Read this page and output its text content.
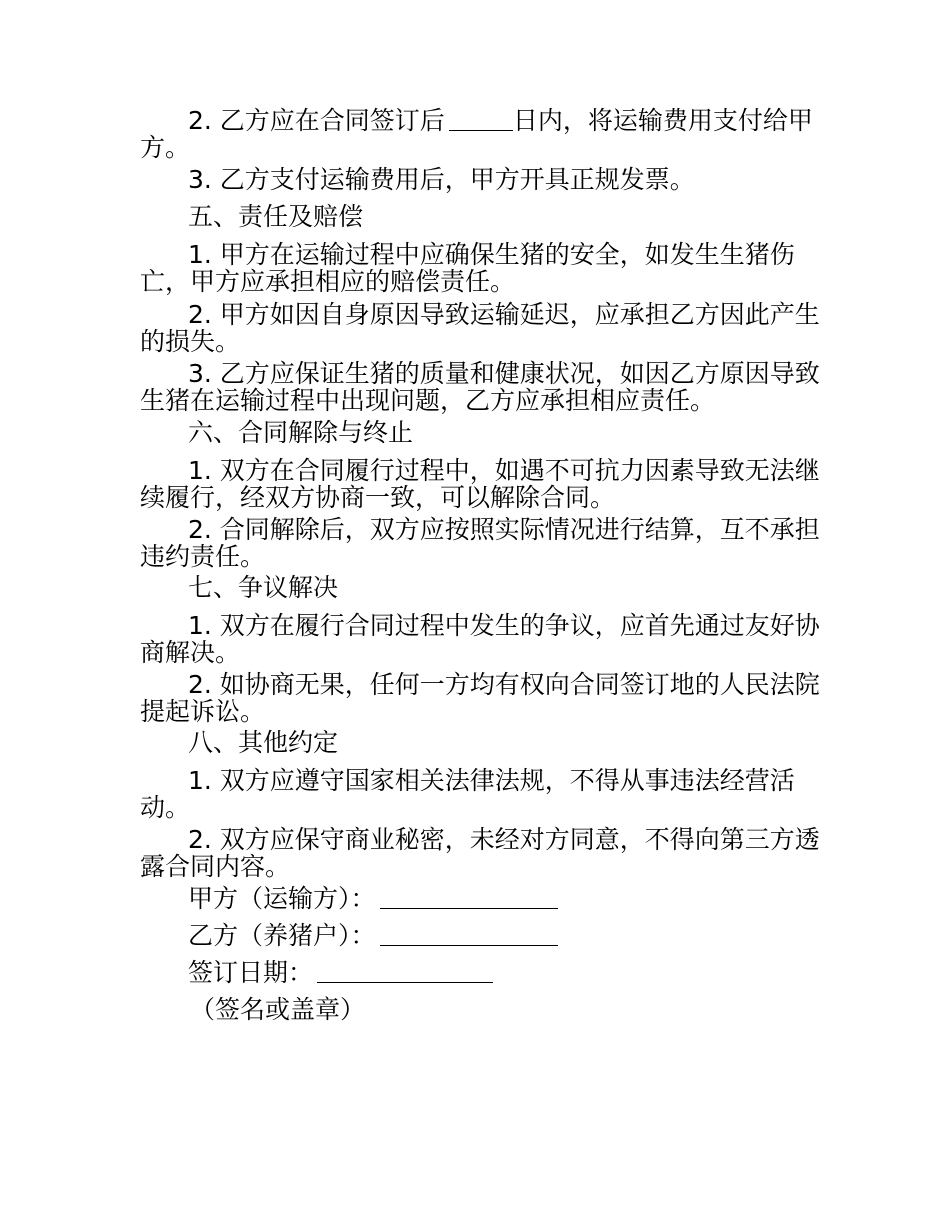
2. 乙方应在合同签订后	日内，将运输费用支付给甲方。

3. 乙方支付运输费用后，甲方开具正规发票。

五、责任及赔偿

1. 甲方在运输过程中应确保生猪的安全，如发生生猪伤亡，甲方应承担相应的赔偿责任。

2. 甲方如因自身原因导致运输延迟，应承担乙方因此产生的损失。

3. 乙方应保证生猪的质量和健康状况，如因乙方原因导致生猪在运输过程中出现问题，乙方应承担相应责任。

六、合同解除与终止

1. 双方在合同履行过程中，如遇不可抗力因素导致无法继续履行，经双方协商一致，可以解除合同。

2. 合同解除后，双方应按照实际情况进行结算，互不承担违约责任。

七、争议解决

1. 双方在履行合同过程中发生的争议，应首先通过友好协商解决。

2. 如协商无果，任何一方均有权向合同签订地的人民法院提起诉讼。

八、其他约定

1. 双方应遵守国家相关法律法规，不得从事违法经营活动。

2. 双方应保守商业秘密，未经对方同意，不得向第三方透露合同内容。

甲方（运输方）：

乙方（养猪户）：

签订日期：

（签名或盖章）
